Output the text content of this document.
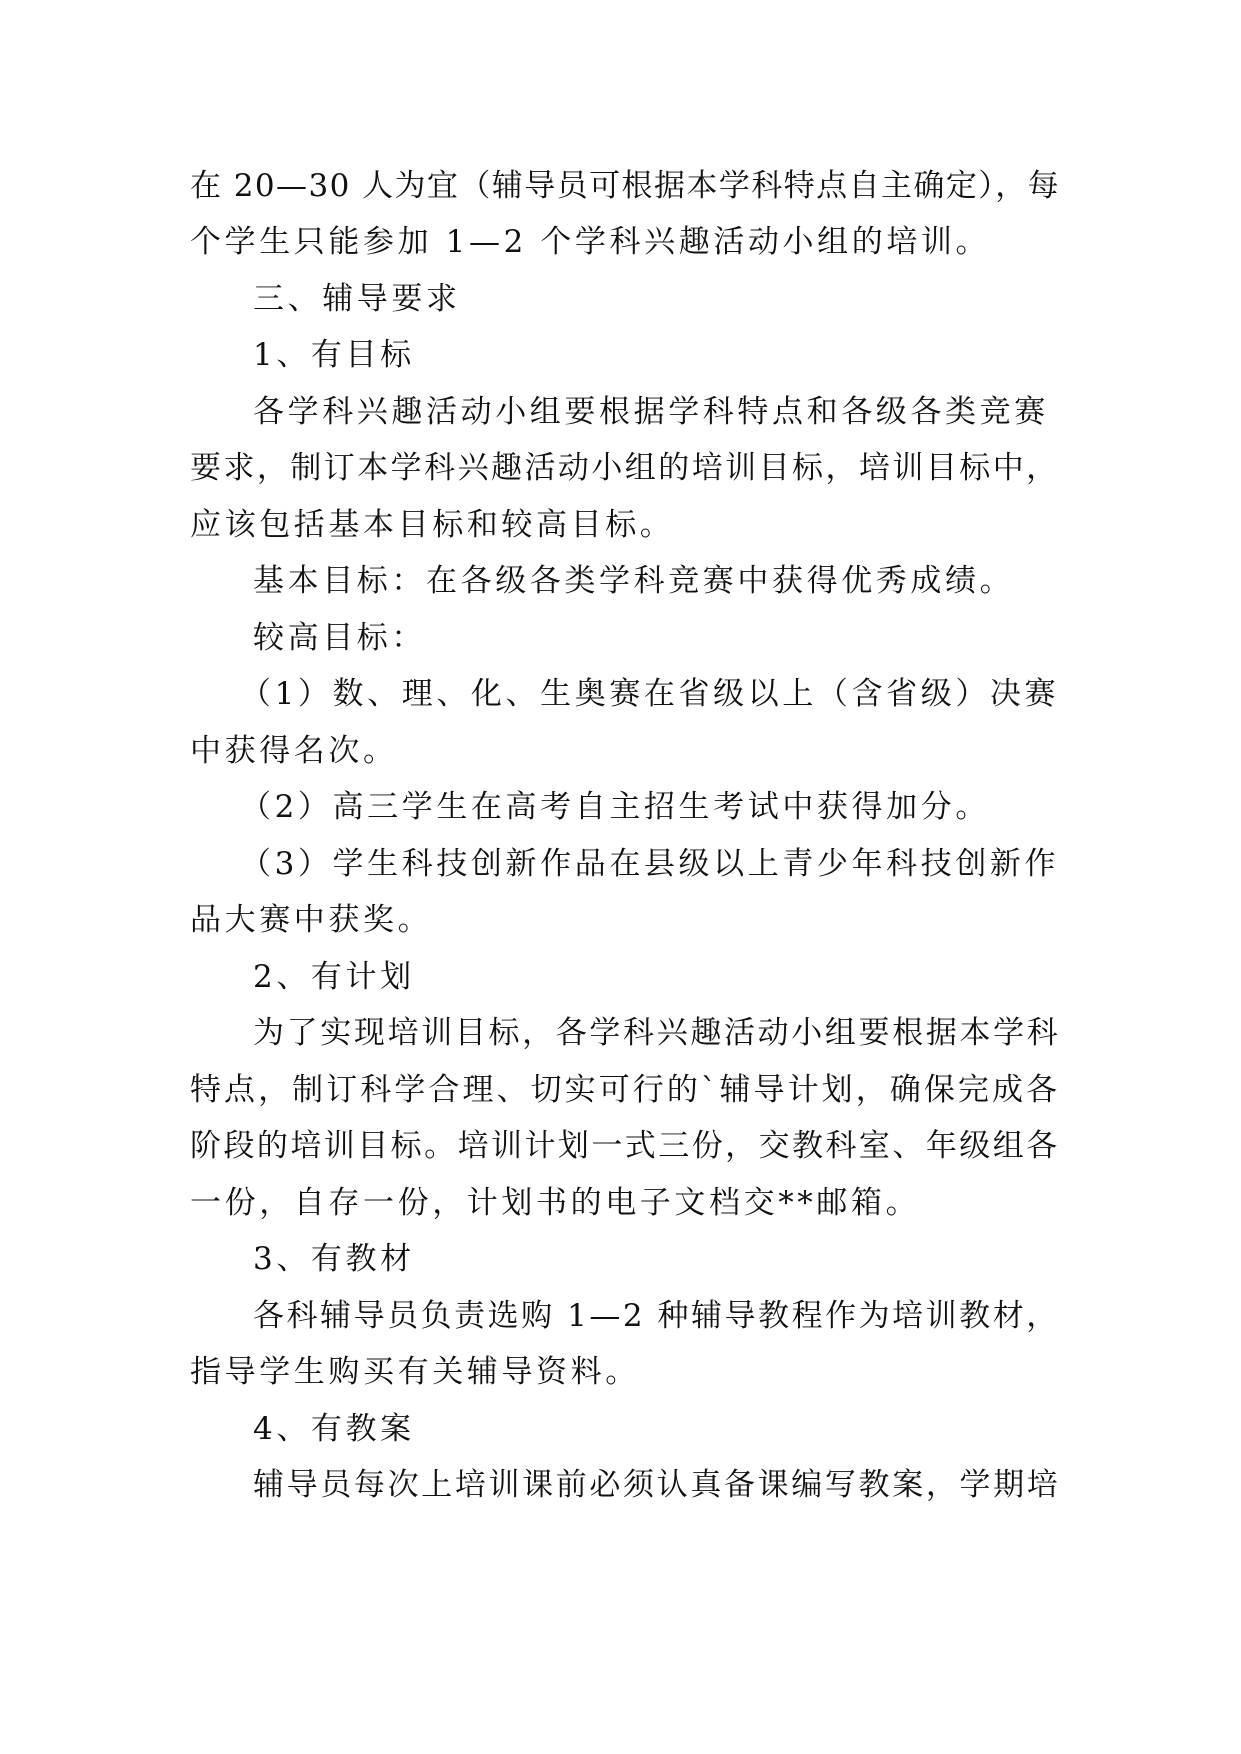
在 20—30 人为宜（辅导员可根据本学科特点自主确定），每
个学生只能参加 1—2 个学科兴趣活动小组的培训。
三、辅导要求
1、有目标
各学科兴趣活动小组要根据学科特点和各级各类竞赛
要求，制订本学科兴趣活动小组的培训目标，培训目标中，
应该包括基本目标和较高目标。
基本目标：在各级各类学科竞赛中获得优秀成绩。
较高目标：
（1）数、理、化、生奥赛在省级以上（含省级）决赛
中获得名次。
（2）高三学生在高考自主招生考试中获得加分。
（3）学生科技创新作品在县级以上青少年科技创新作
品大赛中获奖。
2、有计划
为了实现培训目标，各学科兴趣活动小组要根据本学科
特点，制订科学合理、切实可行的`辅导计划，确保完成各
阶段的培训目标。培训计划一式三份，交教科室、年级组各
一份，自存一份，计划书的电子文档交**邮箱。
3、有教材
各科辅导员负责选购 1—2 种辅导教程作为培训教材，
指导学生购买有关辅导资料。
4、有教案
辅导员每次上培训课前必须认真备课编写教案，学期培
